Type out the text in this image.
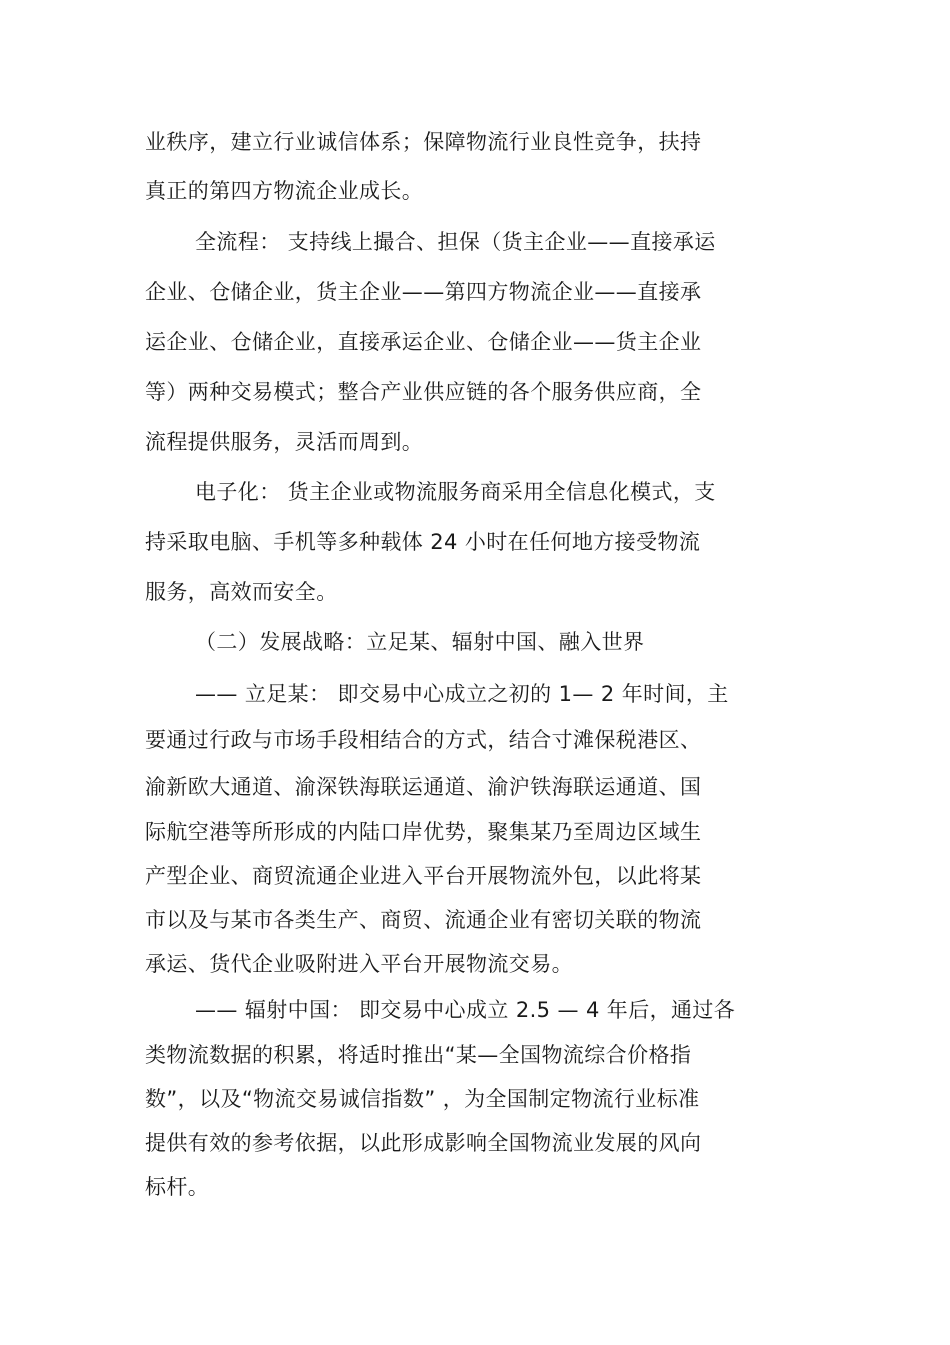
业秩序，建立行业诚信体系；保障物流行业良性竞争，扶持
真正的第四方物流企业成长。
全流程： 支持线上撮合、担保（货主企业——直接承运
企业、仓储企业，货主企业——第四方物流企业——直接承
运企业、仓储企业，直接承运企业、仓储企业——货主企业
等）两种交易模式；整合产业供应链的各个服务供应商，全
流程提供服务，灵活而周到。
电子化： 货主企业或物流服务商采用全信息化模式，支
持采取电脑、手机等多种载体 24 小时在任何地方接受物流
服务，高效而安全。
（二）发展战略：立足某、辐射中国、融入世界
—— 立足某： 即交易中心成立之初的 1— 2 年时间，主
要通过行政与市场手段相结合的方式，结合寸滩保税港区、
渝新欧大通道、渝深铁海联运通道、渝沪铁海联运通道、国
际航空港等所形成的内陆口岸优势，聚集某乃至周边区域生
产型企业、商贸流通企业进入平台开展物流外包，以此将某
市以及与某市各类生产、商贸、流通企业有密切关联的物流
承运、货代企业吸附进入平台开展物流交易。
—— 辐射中国： 即交易中心成立 2.5 — 4 年后，通过各
类物流数据的积累，将适时推出“某—全国物流综合价格指
数”，以及“物流交易诚信指数” ，为全国制定物流行业标准
提供有效的参考依据，以此形成影响全国物流业发展的风向
标杆。
